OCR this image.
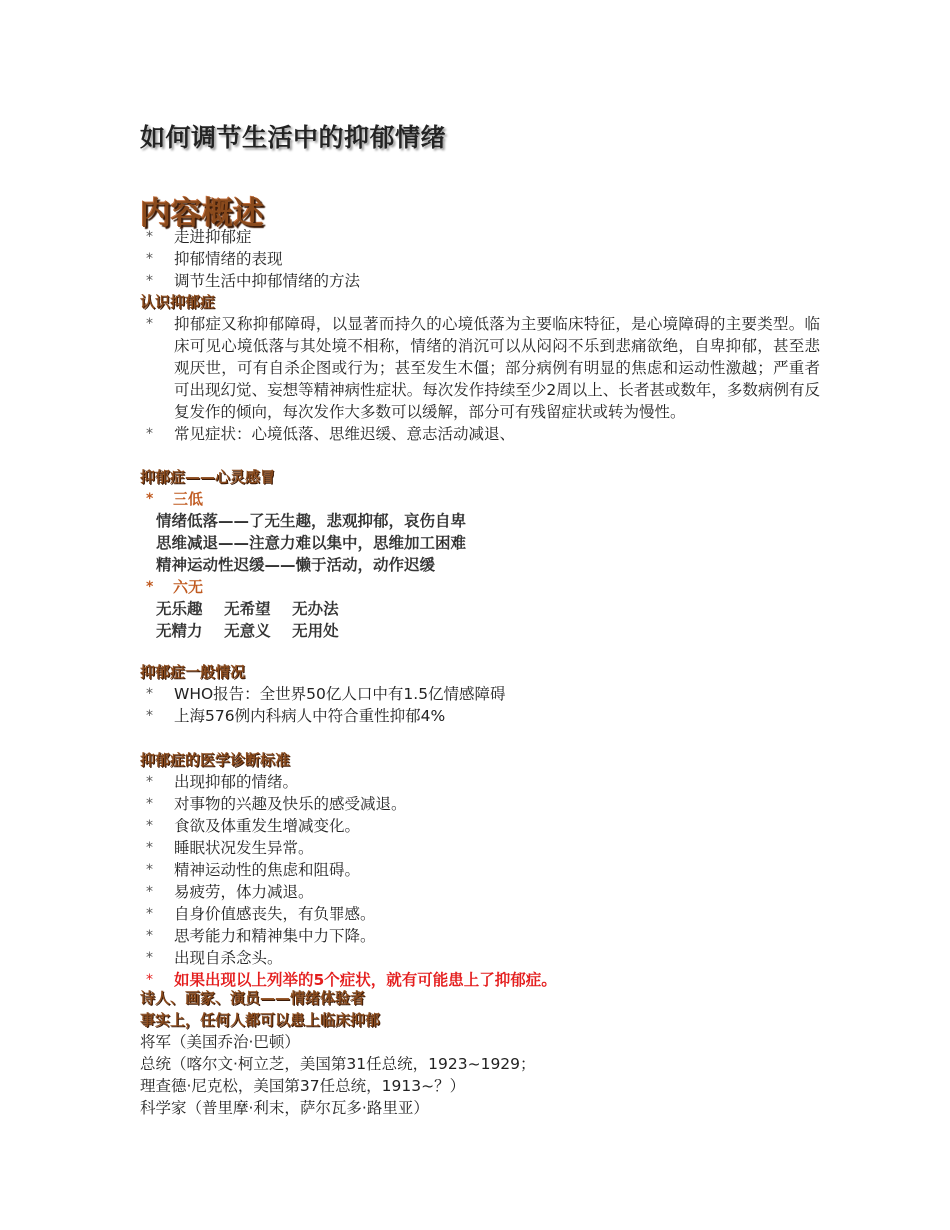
如何调节生活中的抑郁情绪
内容概述
* 走进抑郁症
* 抑郁情绪的表现
* 调节生活中抑郁情绪的方法
认识抑郁症
* 抑郁症又称抑郁障碍，以显著而持久的心境低落为主要临床特征，是心境障碍的主要类型。临床可见心境低落与其处境不相称，情绪的消沉可以从闷闷不乐到悲痛欲绝，自卑抑郁，甚至悲观厌世，可有自杀企图或行为；甚至发生木僵；部分病例有明显的焦虑和运动性激越；严重者可出现幻觉、妄想等精神病性症状。每次发作持续至少2周以上、长者甚或数年，多数病例有反复发作的倾向，每次发作大多数可以缓解，部分可有残留症状或转为慢性。
* 常见症状：心境低落、思维迟缓、意志活动减退、
抑郁症——心灵感冒
* 三低
情绪低落——了无生趣，悲观抑郁，哀伤自卑
思维减退——注意力难以集中，思维加工困难
精神运动性迟缓——懒于活动，动作迟缓
* 六无
无乐趣    无希望    无办法
无精力    无意义    无用处
抑郁症一般情况
* WHO报告：全世界50亿人口中有1.5亿情感障碍
* 上海576例内科病人中符合重性抑郁4%
抑郁症的医学诊断标准
* 出现抑郁的情绪。
* 对事物的兴趣及快乐的感受减退。
* 食欲及体重发生增减变化。
* 睡眠状况发生异常。
* 精神运动性的焦虑和阻碍。
* 易疲劳，体力减退。
* 自身价值感丧失，有负罪感。
* 思考能力和精神集中力下降。
* 出现自杀念头。
* 如果出现以上列举的5个症状，就有可能患上了抑郁症。
诗人、画家、演员——情绪体验者
事实上，任何人都可以患上临床抑郁
将军（美国乔治·巴顿）
总统（喀尔文·柯立芝，美国第31任总统，1923~1929；
理查德·尼克松，美国第37任总统，1913~？）
科学家（普里摩·利末，萨尔瓦多·路里亚）
